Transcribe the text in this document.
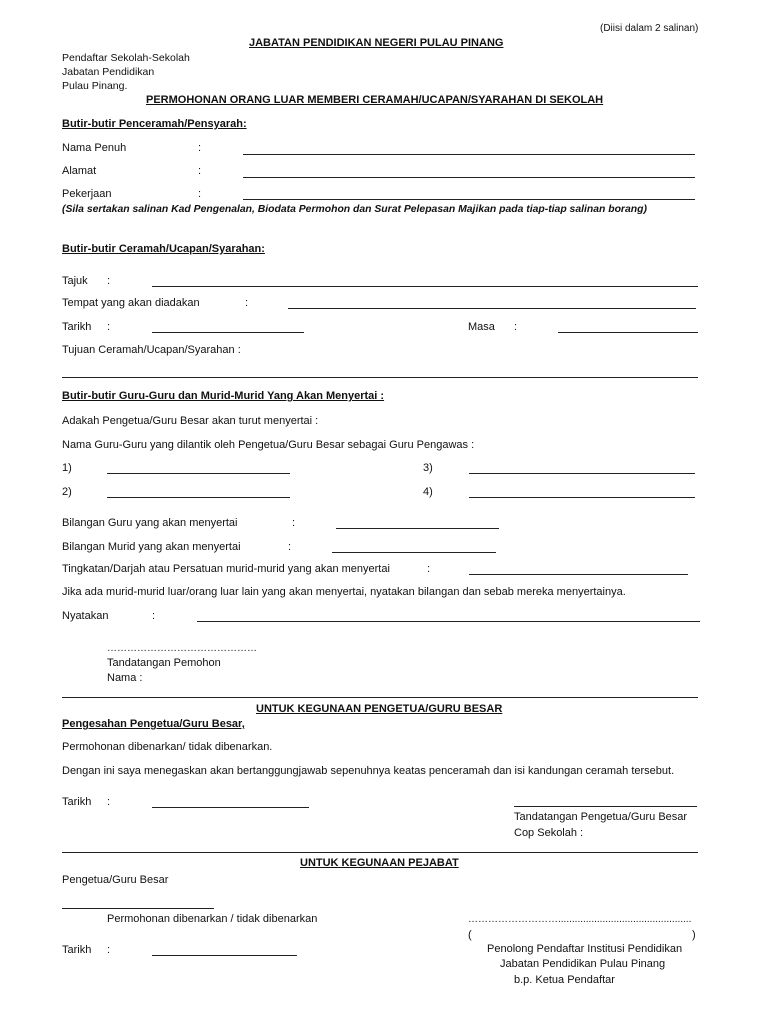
(Diisi dalam 2 salinan)
JABATAN PENDIDIKAN NEGERI PULAU PINANG
Pendaftar Sekolah-Sekolah
Jabatan Pendidikan
Pulau Pinang.
PERMOHONAN ORANG LUAR MEMBERI CERAMAH/UCAPAN/SYARAHAN DI SEKOLAH
Butir-butir Penceramah/Pensyarah:
Nama Penuh	:
Alamat	:
Pekerjaan	:
(Sila sertakan salinan Kad Pengenalan, Biodata Permohon dan Surat Pelepasan Majikan pada tiap-tiap salinan borang)
Butir-butir Ceramah/Ucapan/Syarahan:
Tajuk :
Tempat yang akan diadakan	:
Tarikh :	Masa :
Tujuan Ceramah/Ucapan/Syarahan :
Butir-butir Guru-Guru dan Murid-Murid Yang Akan Menyertai :
Adakah Pengetua/Guru Besar akan turut menyertai :
Nama Guru-Guru yang dilantik oleh Pengetua/Guru Besar sebagai Guru Pengawas :
1)	3)
2)	4)
Bilangan Guru yang akan menyertai	:
Bilangan Murid yang akan menyertai	:
Tingkatan/Darjah atau Persatuan murid-murid yang akan menyertai	:
Jika ada murid-murid luar/orang luar lain yang akan menyertai, nyatakan bilangan dan sebab mereka menyertainya.
Nyatakan	:
………………………………………
Tandatangan Pemohon
Nama :
UNTUK KEGUNAAN PENGETUA/GURU BESAR
Pengesahan Pengetua/Guru Besar,
Permohonan dibenarkan/ tidak dibenarkan.
Dengan ini saya menegaskan akan bertanggungjawab sepenuhnya keatas penceramah dan isi kandungan ceramah tersebut.
Tarikh :
Tandatangan Pengetua/Guru Besar
Cop Sekolah :
UNTUK KEGUNAAN PEJABAT
Pengetua/Guru Besar
Permohonan dibenarkan / tidak dibenarkan	………………………................................................
(	)
Tarikh :	Penolong Pendaftar Institusi Pendidikan
Jabatan Pendidikan Pulau Pinang
b.p. Ketua Pendaftar
